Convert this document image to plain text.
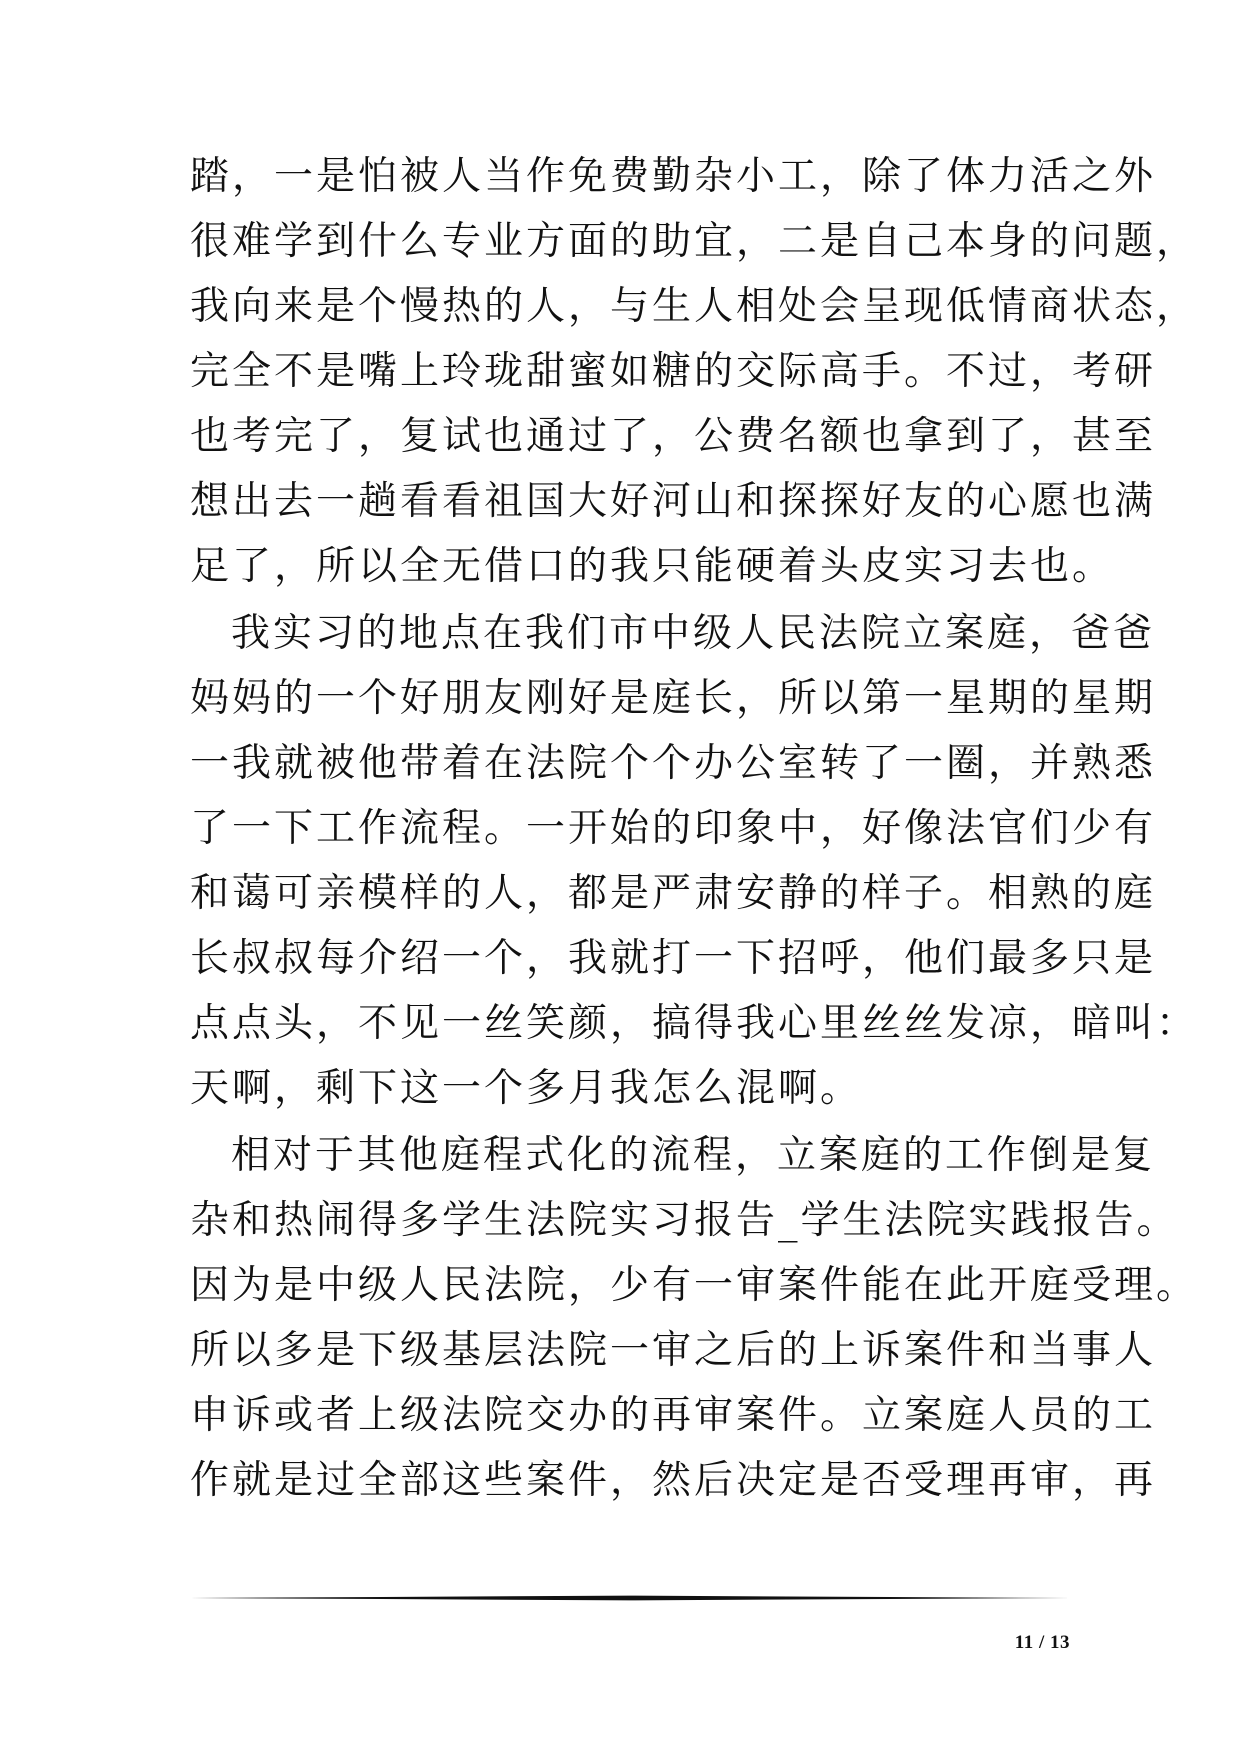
踏，一是怕被人当作免费勤杂小工，除了体力活之外
很难学到什么专业方面的助宜，二是自己本身的问题，
我向来是个慢热的人，与生人相处会呈现低情商状态，
完全不是嘴上玲珑甜蜜如糖的交际高手。不过，考研
也考完了，复试也通过了，公费名额也拿到了，甚至
想出去一趟看看祖国大好河山和探探好友的心愿也满
足了，所以全无借口的我只能硬着头皮实习去也。
我实习的地点在我们市中级人民法院立案庭，爸爸
妈妈的一个好朋友刚好是庭长，所以第一星期的星期
一我就被他带着在法院个个办公室转了一圈，并熟悉
了一下工作流程。一开始的印象中，好像法官们少有
和蔼可亲模样的人，都是严肃安静的样子。相熟的庭
长叔叔每介绍一个，我就打一下招呼，他们最多只是
点点头，不见一丝笑颜，搞得我心里丝丝发凉，暗叫：
天啊，剩下这一个多月我怎么混啊。
相对于其他庭程式化的流程，立案庭的工作倒是复
杂和热闹得多学生法院实习报告_学生法院实践报告。
因为是中级人民法院，少有一审案件能在此开庭受理。
所以多是下级基层法院一审之后的上诉案件和当事人
申诉或者上级法院交办的再审案件。立案庭人员的工
作就是过全部这些案件，然后决定是否受理再审，再
11 / 13
